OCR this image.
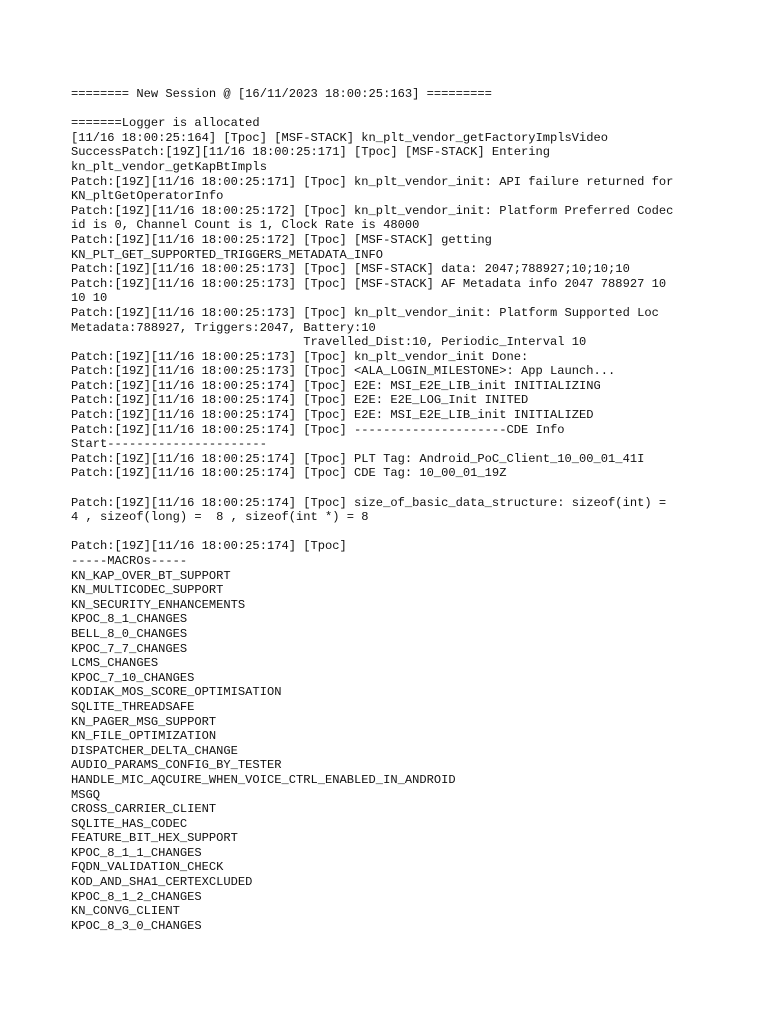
======== New Session @ [16/11/2023 18:00:25:163] =========
=======Logger is allocated
[11/16 18:00:25:164] [Tpoc] [MSF-STACK] kn_plt_vendor_getFactoryImplsVideo
SuccessPatch:[19Z][11/16 18:00:25:171] [Tpoc] [MSF-STACK] Entering
kn_plt_vendor_getKapBtImpls
Patch:[19Z][11/16 18:00:25:171] [Tpoc] kn_plt_vendor_init: API failure returned for
KN_pltGetOperatorInfo
Patch:[19Z][11/16 18:00:25:172] [Tpoc] kn_plt_vendor_init: Platform Preferred Codec
id is 0, Channel Count is 1, Clock Rate is 48000
Patch:[19Z][11/16 18:00:25:172] [Tpoc] [MSF-STACK] getting
KN_PLT_GET_SUPPORTED_TRIGGERS_METADATA_INFO
Patch:[19Z][11/16 18:00:25:173] [Tpoc] [MSF-STACK] data: 2047;788927;10;10;10
Patch:[19Z][11/16 18:00:25:173] [Tpoc] [MSF-STACK] AF Metadata info 2047 788927 10
10 10
Patch:[19Z][11/16 18:00:25:173] [Tpoc] kn_plt_vendor_init: Platform Supported Loc
Metadata:788927, Triggers:2047, Battery:10
Travelled_Dist:10, Periodic_Interval 10
Patch:[19Z][11/16 18:00:25:173] [Tpoc] kn_plt_vendor_init Done:
Patch:[19Z][11/16 18:00:25:173] [Tpoc] <ALA_LOGIN_MILESTONE>: App Launch...
Patch:[19Z][11/16 18:00:25:174] [Tpoc] E2E: MSI_E2E_LIB_init INITIALIZING
Patch:[19Z][11/16 18:00:25:174] [Tpoc] E2E: E2E_LOG_Init INITED
Patch:[19Z][11/16 18:00:25:174] [Tpoc] E2E: MSI_E2E_LIB_init INITIALIZED
Patch:[19Z][11/16 18:00:25:174] [Tpoc] ---------------------CDE Info
Start----------------------
Patch:[19Z][11/16 18:00:25:174] [Tpoc] PLT Tag: Android_PoC_Client_10_00_01_41I
Patch:[19Z][11/16 18:00:25:174] [Tpoc] CDE Tag: 10_00_01_19Z
Patch:[19Z][11/16 18:00:25:174] [Tpoc] size_of_basic_data_structure: sizeof(int) =
4 , sizeof(long) =  8 , sizeof(int *) = 8
Patch:[19Z][11/16 18:00:25:174] [Tpoc]
-----MACROs-----
KN_KAP_OVER_BT_SUPPORT
KN_MULTICODEC_SUPPORT
KN_SECURITY_ENHANCEMENTS
KPOC_8_1_CHANGES
BELL_8_0_CHANGES
KPOC_7_7_CHANGES
LCMS_CHANGES
KPOC_7_10_CHANGES
KODIAK_MOS_SCORE_OPTIMISATION
SQLITE_THREADSAFE
KN_PAGER_MSG_SUPPORT
KN_FILE_OPTIMIZATION
DISPATCHER_DELTA_CHANGE
AUDIO_PARAMS_CONFIG_BY_TESTER
HANDLE_MIC_AQCUIRE_WHEN_VOICE_CTRL_ENABLED_IN_ANDROID
MSGQ
CROSS_CARRIER_CLIENT
SQLITE_HAS_CODEC
FEATURE_BIT_HEX_SUPPORT
KPOC_8_1_1_CHANGES
FQDN_VALIDATION_CHECK
KOD_AND_SHA1_CERTEXCLUDED
KPOC_8_1_2_CHANGES
KN_CONVG_CLIENT
KPOC_8_3_0_CHANGES
